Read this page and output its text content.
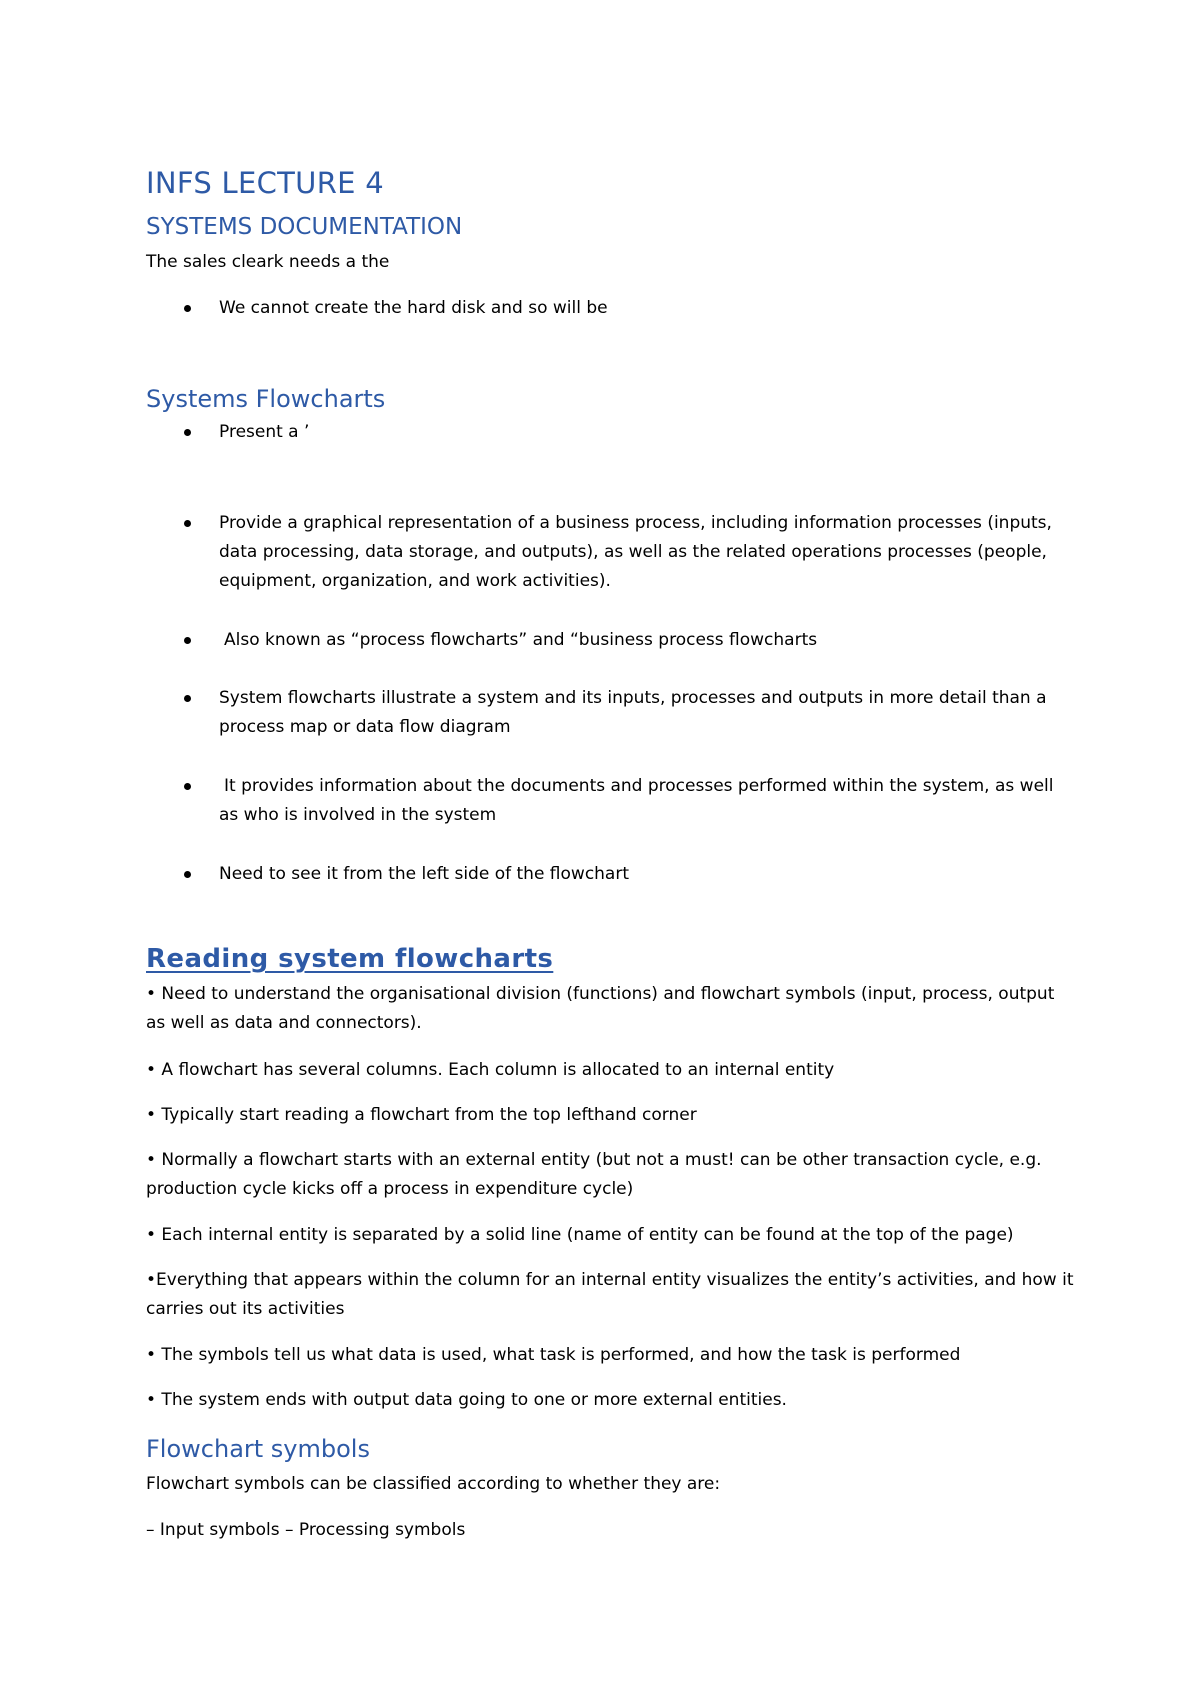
INFS LECTURE 4
SYSTEMS DOCUMENTATION

The sales cleark needs a the

We cannot create the hard disk and so will be

Systems Flowcharts

Present a ’

Provide a graphical representation of a business process, including information processes (inputs, data processing, data storage, and outputs), as well as the related operations processes (people, equipment, organization, and work activities).

Also known as “process flowcharts” and “business process flowcharts

System flowcharts illustrate a system and its inputs, processes and outputs in more detail than a process map or data flow diagram

It provides information about the documents and processes performed within the system, as well as who is involved in the system

Need to see it from the left side of the flowchart

Reading system flowcharts

• Need to understand the organisational division (functions) and flowchart symbols (input, process, output as well as data and connectors).

• A flowchart has several columns. Each column is allocated to an internal entity

• Typically start reading a flowchart from the top lefthand corner

• Normally a flowchart starts with an external entity (but not a must! can be other transaction cycle, e.g. production cycle kicks off a process in expenditure cycle)

• Each internal entity is separated by a solid line (name of entity can be found at the top of the page)

•Everything that appears within the column for an internal entity visualizes the entity’s activities, and how it carries out its activities

• The symbols tell us what data is used, what task is performed, and how the task is performed

• The system ends with output data going to one or more external entities.

Flowchart symbols

Flowchart symbols can be classified according to whether they are:

– Input symbols – Processing symbols
